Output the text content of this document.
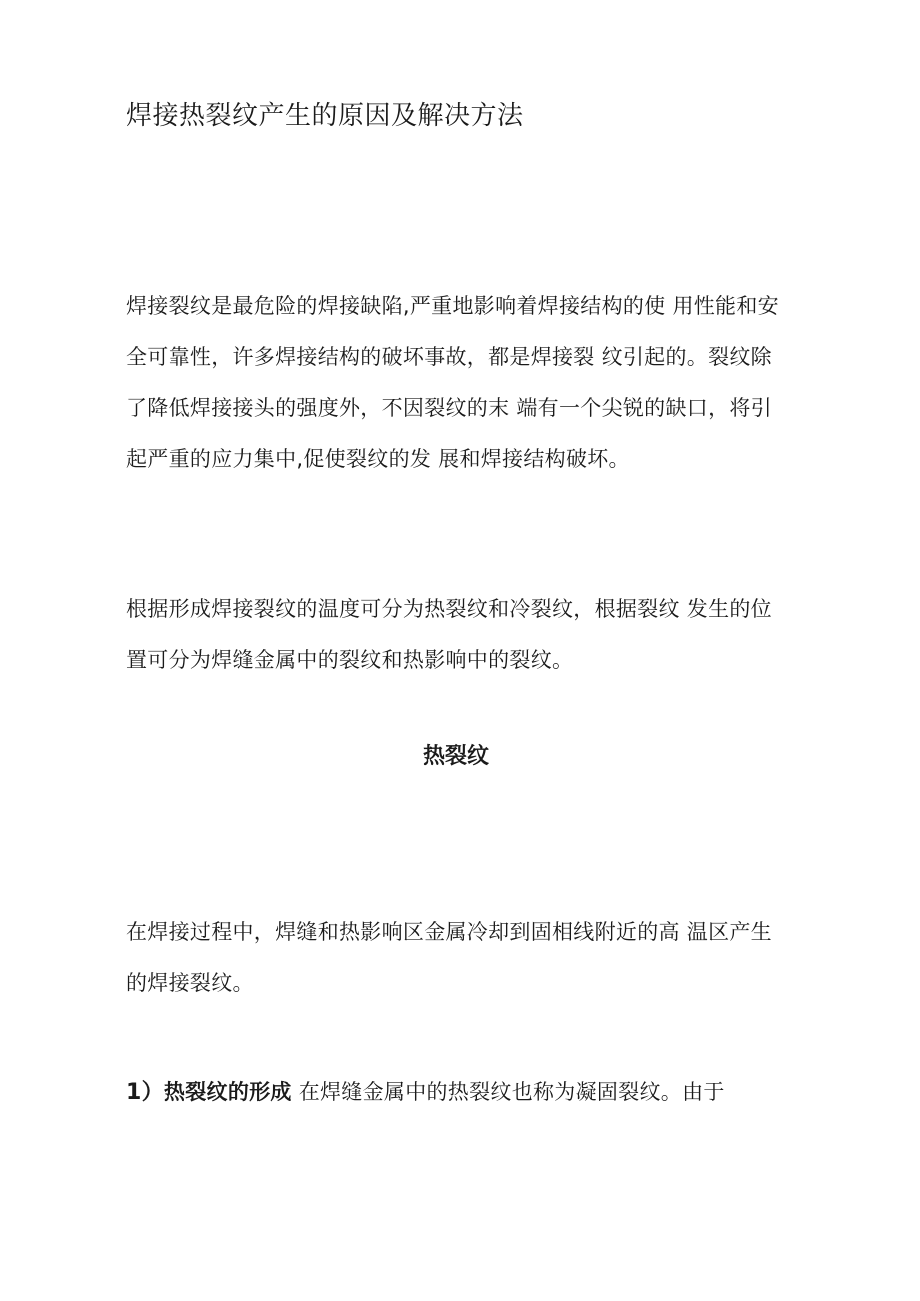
焊接热裂纹产生的原因及解决方法

焊接裂纹是最危险的焊接缺陷,严重地影响着焊接结构的使 用性能和安全可靠性，许多焊接结构的破坏事故，都是焊接裂 纹引起的。裂纹除了降低焊接接头的强度外，不因裂纹的末 端有一个尖锐的缺口，将引起严重的应力集中,促使裂纹的发 展和焊接结构破坏。

根据形成焊接裂纹的温度可分为热裂纹和冷裂纹，根据裂纹 发生的位置可分为焊缝金属中的裂纹和热影响中的裂纹。

热裂纹

在焊接过程中，焊缝和热影响区金属冷却到固相线附近的高 温区产生的焊接裂纹。

1）热裂纹的形成 在焊缝金属中的热裂纹也称为凝固裂纹。由于
